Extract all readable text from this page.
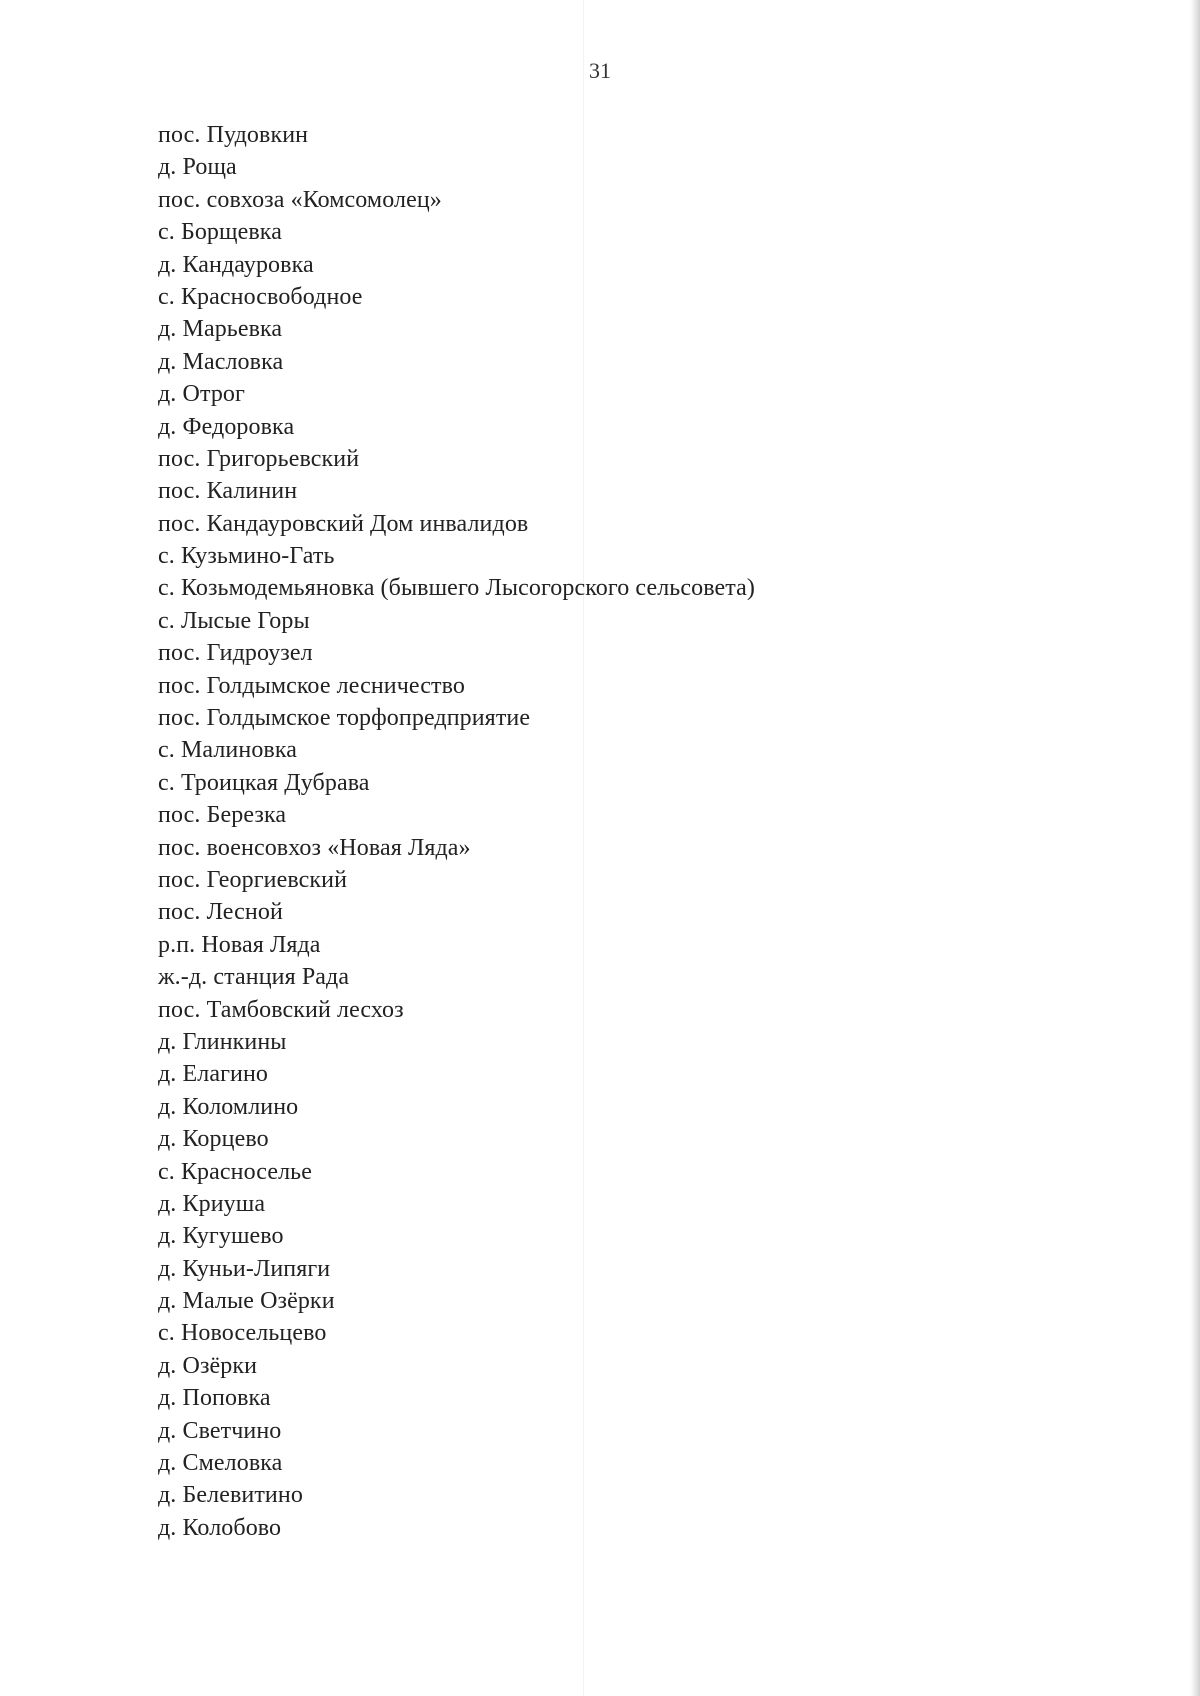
31
пос. Пудовкин
д. Роща
пос. совхоза «Комсомолец»
с. Борщевка
д. Кандауровка
с. Красносвободное
д. Марьевка
д. Масловка
д. Отрог
д. Федоровка
пос. Григорьевский
пос. Калинин
пос. Кандауровский Дом инвалидов
с. Кузьмино-Гать
с. Козьмодемьяновка (бывшего Лысогорского сельсовета)
с. Лысые Горы
пос. Гидроузел
пос. Голдымское лесничество
пос. Голдымское торфопредприятие
с. Малиновка
с. Троицкая Дубрава
пос. Березка
пос. военсовхоз «Новая Ляда»
пос. Георгиевский
пос. Лесной
р.п. Новая Ляда
ж.-д. станция Рада
пос. Тамбовский лесхоз
д. Глинкины
д. Елагино
д. Коломлино
д. Корцево
с. Красноселье
д. Криуша
д. Кугушево
д. Куньи-Липяги
д. Малые Озёрки
с. Новосельцево
д. Озёрки
д. Поповка
д. Светчино
д. Смеловка
д. Белевитино
д. Колобово
